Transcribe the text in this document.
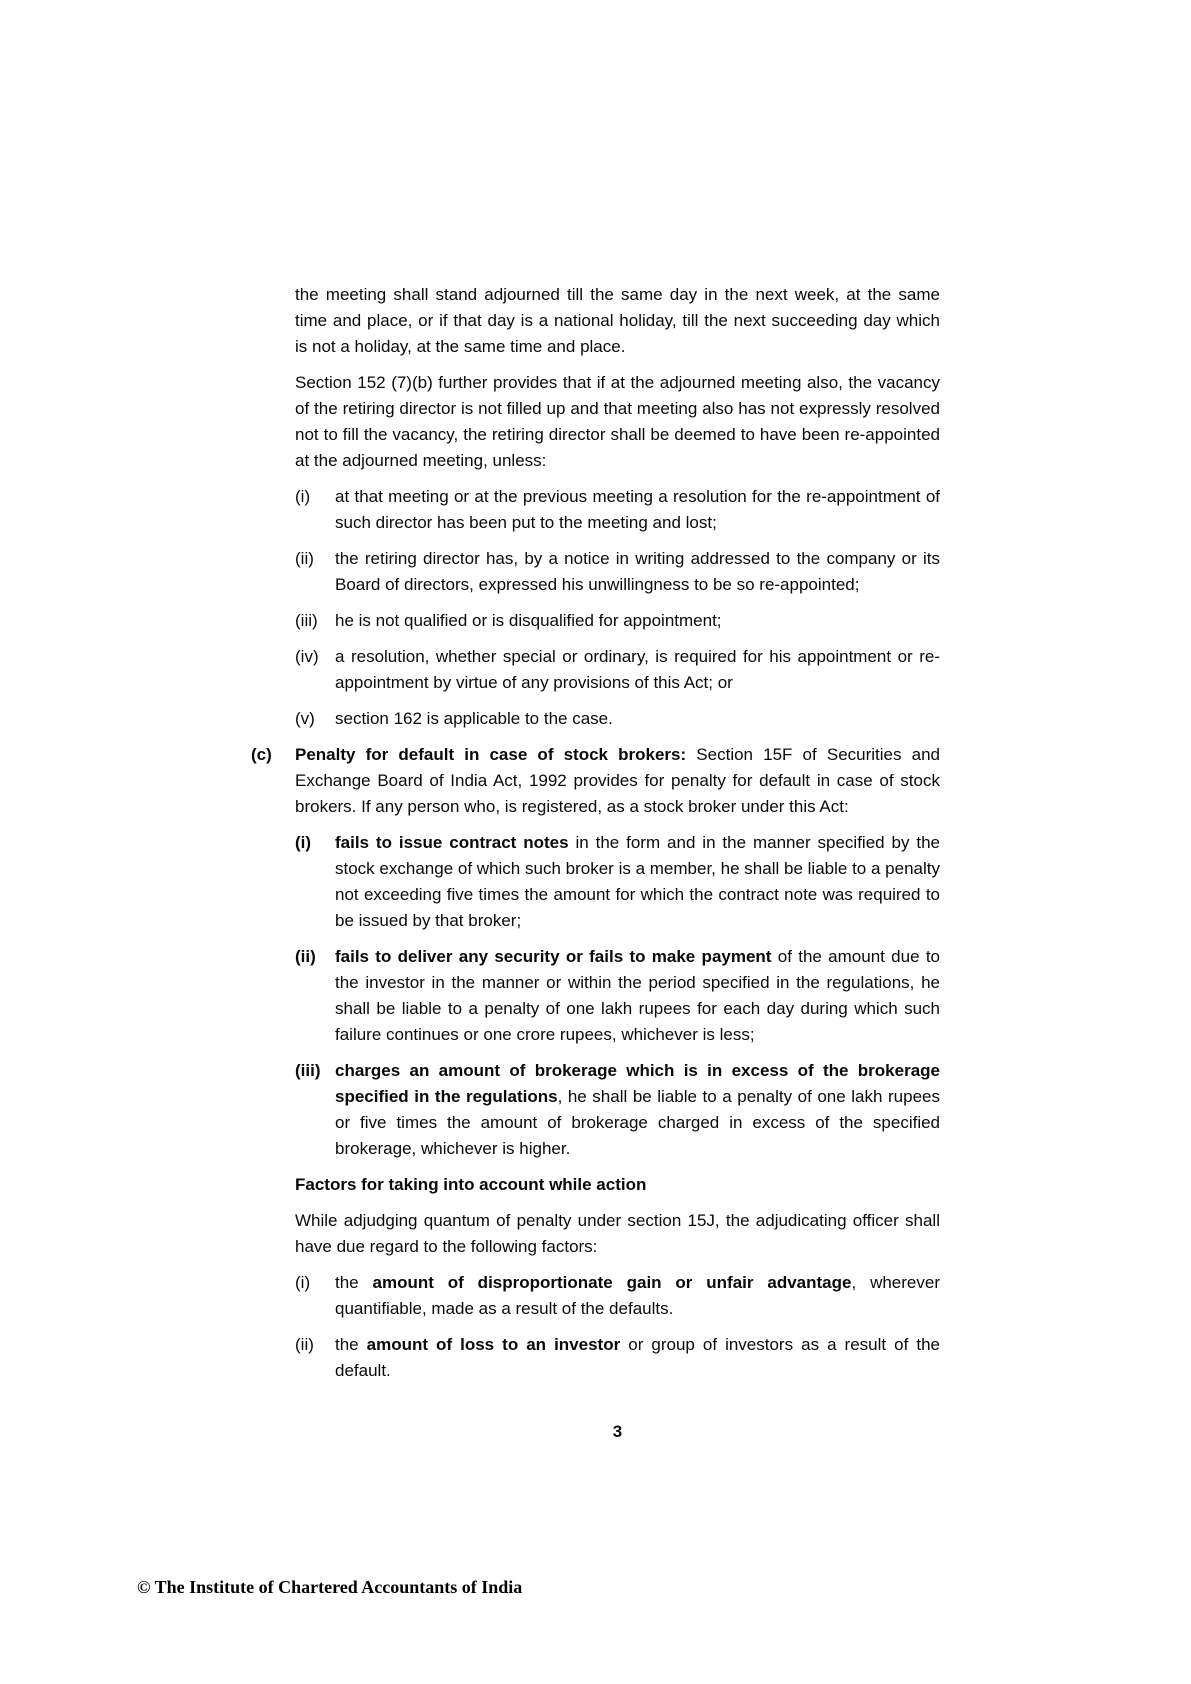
the meeting shall stand adjourned till the same day in the next week, at the same time and place, or if that day is a national holiday, till the next succeeding day which is not a holiday, at the same time and place.

Section 152 (7)(b) further provides that if at the adjourned meeting also, the vacancy of the retiring director is not filled up and that meeting also has not expressly resolved not to fill the vacancy, the retiring director shall be deemed to have been re-appointed at the adjourned meeting, unless:

(i)	at that meeting or at the previous meeting a resolution for the re-appointment of such director has been put to the meeting and lost;
(ii)	the retiring director has, by a notice in writing addressed to the company or its Board of directors, expressed his unwillingness to be so re-appointed;
(iii)	he is not qualified or is disqualified for appointment;
(iv) a resolution, whether special or ordinary, is required for his appointment or re-appointment by virtue of any provisions of this Act; or
(v)	section 162 is applicable to the case.
(c)	Penalty for default in case of stock brokers: Section 15F of Securities and Exchange Board of India Act, 1992 provides for penalty for default in case of stock brokers. If any person who, is registered, as a stock broker under this Act:
(i)	fails to issue contract notes in the form and in the manner specified by the stock exchange of which such broker is a member, he shall be liable to a penalty not exceeding five times the amount for which the contract note was required to be issued by that broker;
(ii)	fails to deliver any security or fails to make payment of the amount due to the investor in the manner or within the period specified in the regulations, he shall be liable to a penalty of one lakh rupees for each day during which such failure continues or one crore rupees, whichever is less;
(iii) charges an amount of brokerage which is in excess of the brokerage specified in the regulations, he shall be liable to a penalty of one lakh rupees or five times the amount of brokerage charged in excess of the specified brokerage, whichever is higher.
Factors for taking into account while action

While adjudging quantum of penalty under section 15J, the adjudicating officer shall have due regard to the following factors:

(i)	the amount of disproportionate gain or unfair advantage, wherever quantifiable, made as a result of the defaults.
(ii)	the amount of loss to an investor or group of investors as a result of the default.
3
© The Institute of Chartered Accountants of India
